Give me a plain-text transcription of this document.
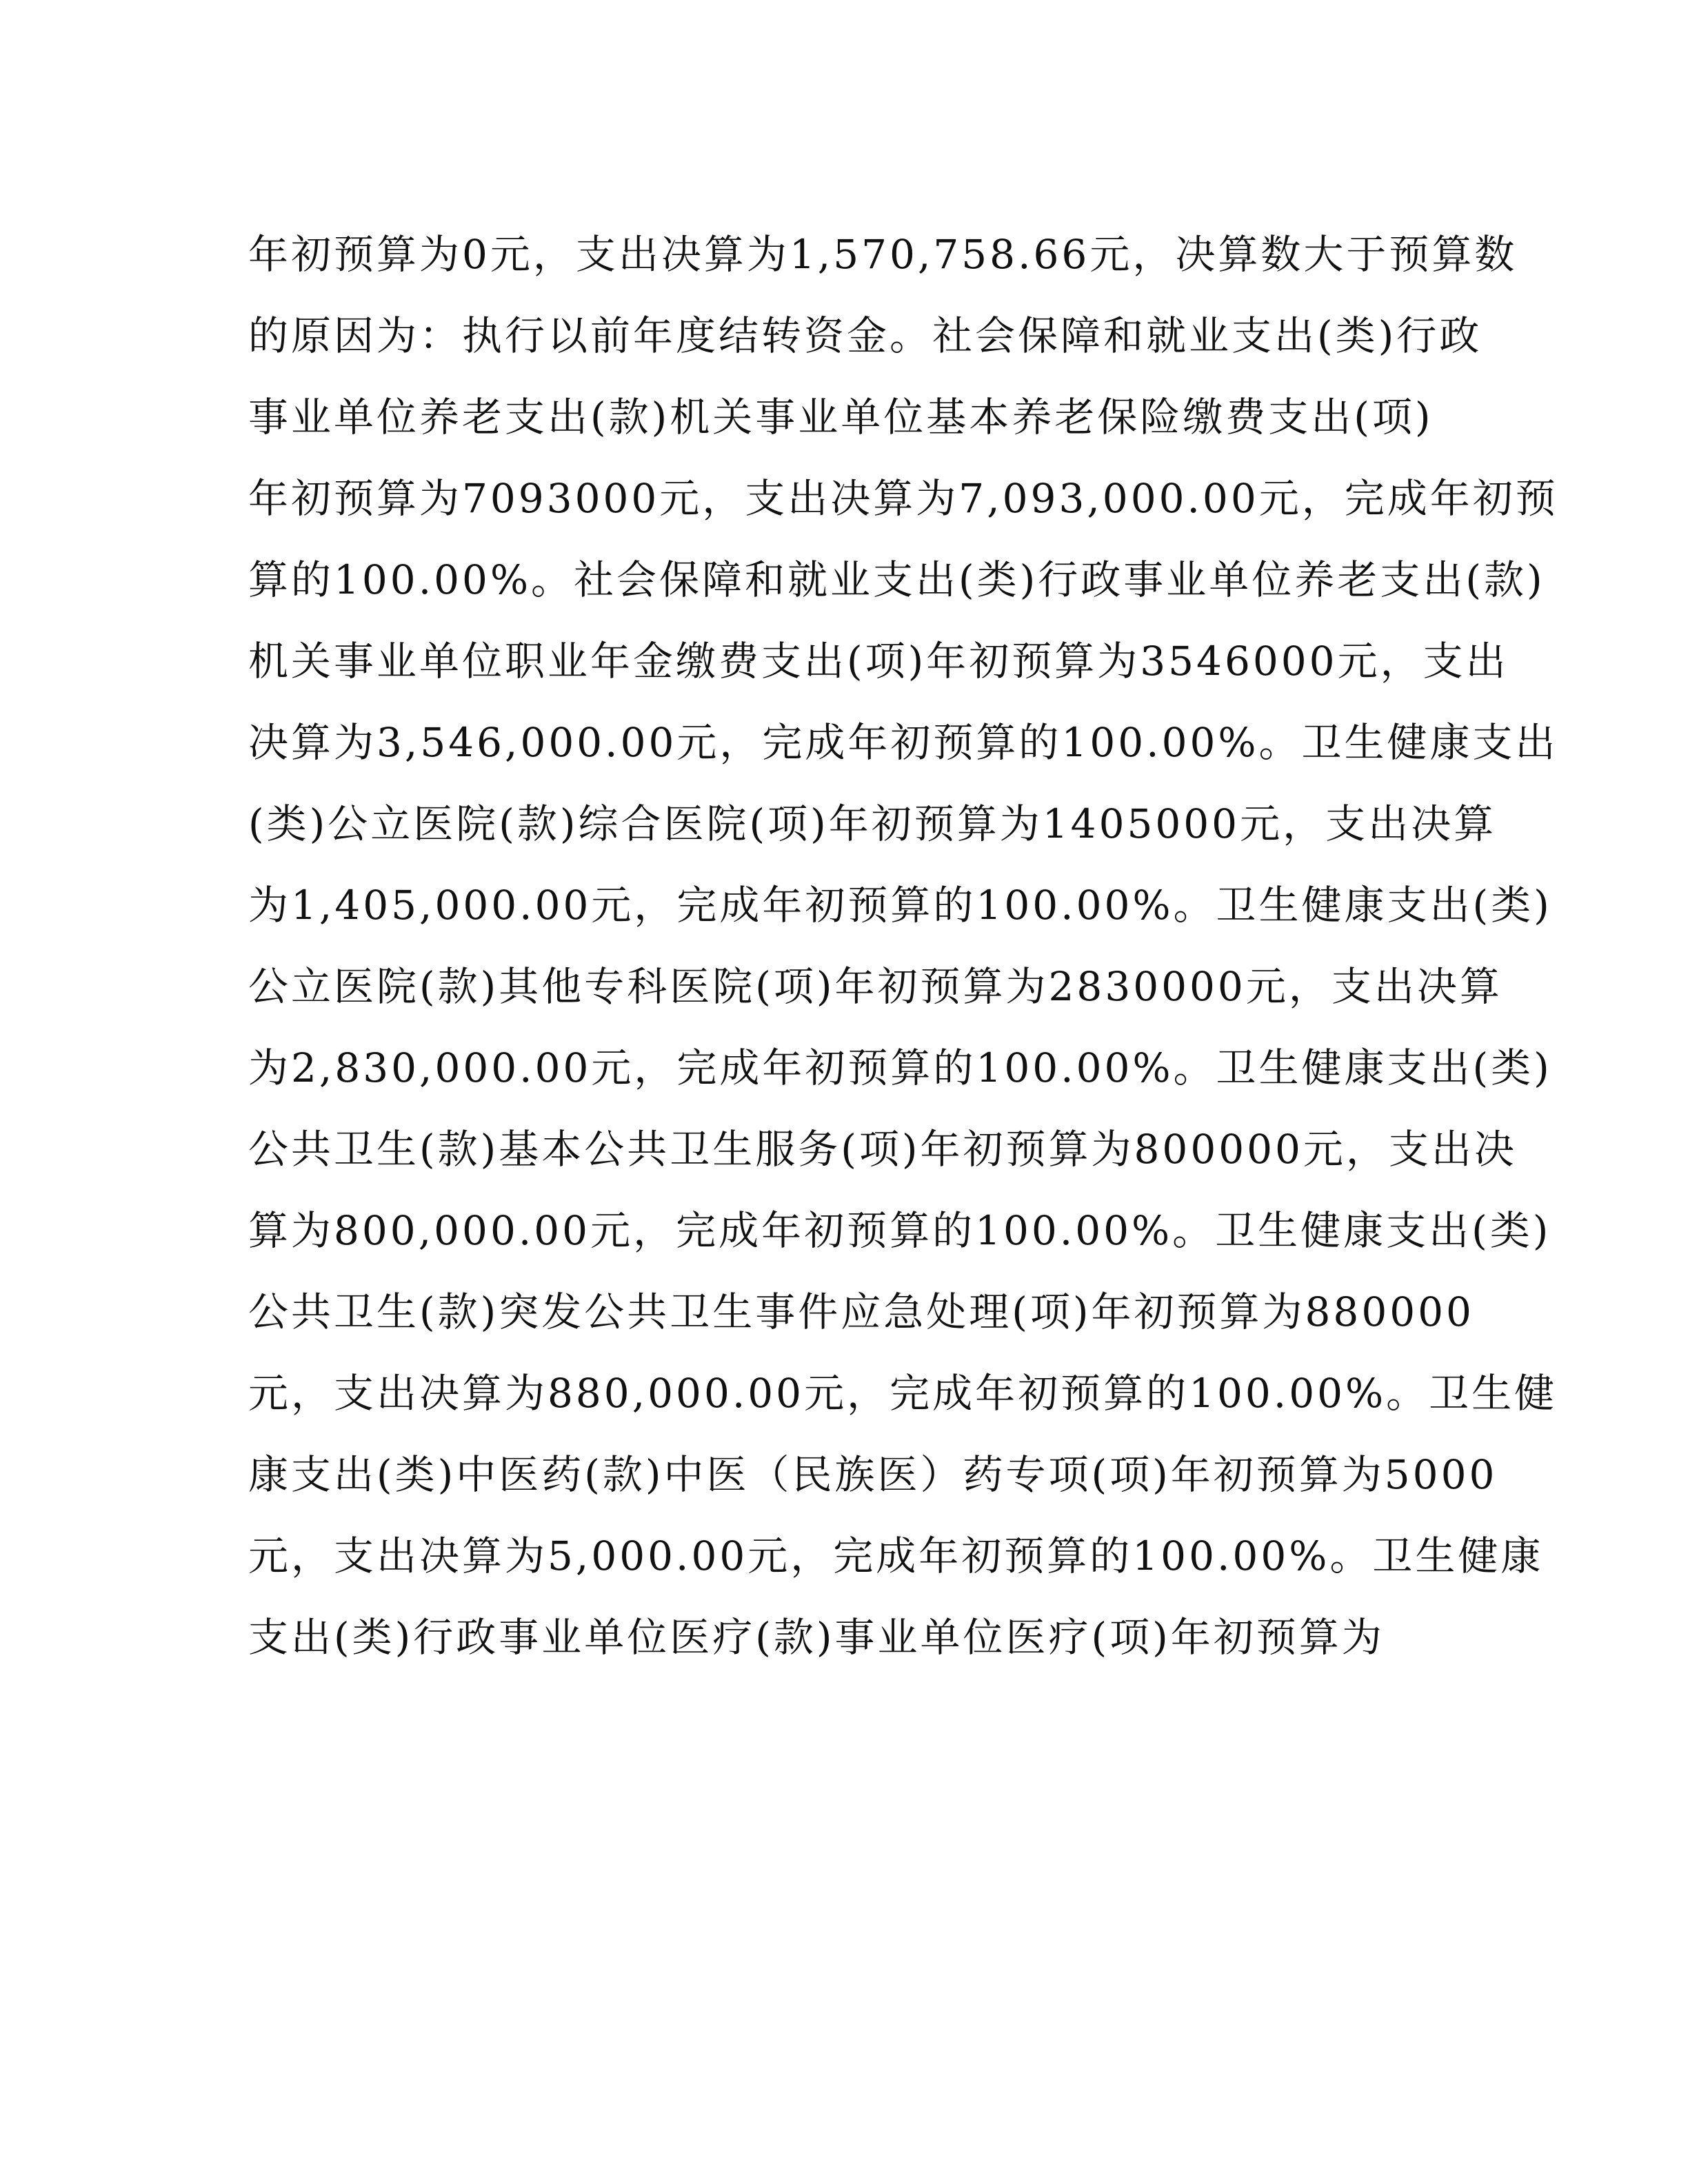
年初预算为0元，支出决算为1,570,758.66元，决算数大于预算数
的原因为：执行以前年度结转资金。社会保障和就业支出(类)行政
事业单位养老支出(款)机关事业单位基本养老保险缴费支出(项)
年初预算为7093000元，支出决算为7,093,000.00元，完成年初预
算的100.00%。社会保障和就业支出(类)行政事业单位养老支出(款)
机关事业单位职业年金缴费支出(项)年初预算为3546000元，支出
决算为3,546,000.00元，完成年初预算的100.00%。卫生健康支出
(类)公立医院(款)综合医院(项)年初预算为1405000元，支出决算
为1,405,000.00元，完成年初预算的100.00%。卫生健康支出(类)
公立医院(款)其他专科医院(项)年初预算为2830000元，支出决算
为2,830,000.00元，完成年初预算的100.00%。卫生健康支出(类)
公共卫生(款)基本公共卫生服务(项)年初预算为800000元，支出决
算为800,000.00元，完成年初预算的100.00%。卫生健康支出(类)
公共卫生(款)突发公共卫生事件应急处理(项)年初预算为880000
元，支出决算为880,000.00元，完成年初预算的100.00%。卫生健
康支出(类)中医药(款)中医（民族医）药专项(项)年初预算为5000
元，支出决算为5,000.00元，完成年初预算的100.00%。卫生健康
支出(类)行政事业单位医疗(款)事业单位医疗(项)年初预算为
